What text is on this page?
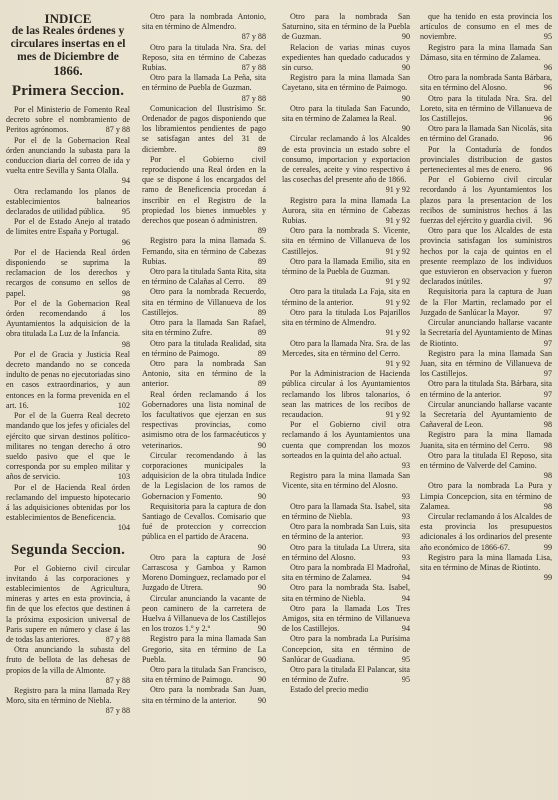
INDICE
de las Reales órdenes y
circulares insertas en el
mes de Diciembre de
1866.
Primera Seccion.

Por el Ministerio de Fomento Real decreto sobre el nombramiento de Peritos agrónomos.	87 y 88

Por el de la Gobernacion Real órden anunciando la subasta para la conduccion diaria del correo de ida y vuelta entre Sevilla y Santa Olalla.
94

Otra reclamando los planos de establecimientos balnearios declarados de utilidad pública.	95

Por el de Estado Anejo al tratado de limites entre España y Portugal.
96

Por el de Hacienda Real órden disponiendo se suprima la reclamacion de los derechos y recargos de consumo en sellos de papel.	98

Por el de la Gobernacion Real órden recomendando á los Ayuntamientos la adquisicion de la obra titulada La Luz de la Infancia.
98

Por el de Gracia y Justicia Real decreto mandando no se conceda indulto de penas no ejecutoriadas sino en casos extraordinarios, y aun entonces en la forma prevenida en el art. 16.	102

Por el de la Guerra Real decreto mandando que los jefes y oficiales del ejército que sirvan destinos político-militares no tengan derecho á otro sueldo pasivo que el que le corresponda por su empleo militar y años de servicio.	103

Por el de Hacienda Real órden reclamando del impuesto hipotecario á las adquisiciones obtenidas por los establecimientos de Beneficencia.
104

Segunda Seccion.

Por el Gobierno civil circular invitando á las corporaciones y establecimientos de Agricultura, mineras y artes en esta provincia, á fin de que los efectos que destinen á la próxima exposicion universal de Paris supere en número y clase á las de todas las anteriores.	87 y 88

Otra anunciando la subasta del fruto de bellota de las dehesas de propios de la villa de Almonte.
87 y 88

Registro para la mina llamada Rey Moro, sita en término de Niebla.
87 y 88

Otro para la nombrada Antonio, sita en término de Almendro.
87 y 88

Otro para la titulada Nra. Sra. del Reposo, sita en término de Cabezas Rubias.	87 y 88

Otro para la llamada La Peña, sita en término de Puebla de Guzman.
87 y 88

Comunicacion del Ilustrísimo Sr. Ordenador de pagos disponiendo que los libramientos pendientes de pago se satisfagan antes del 31 de diciembre.	89

Por el Gobierno civil reproduciendo una Real órden en la que se dispone á los encargados del ramo de Beneficencia procedan á inscribir en el Registro de la propiedad los bienes inmuebles y derechos que posean ó administren.
89

Registro para la mina llamada S. Fernando, sita en término de Cabezas Rubias.	89

Otro para la titulada Santa Rita, sita en término de Calañas al Cerro.	89

Otro para la nombrada Recuerdo, sita en término de Villanueva de los Castillejos.	89

Otro para la llamada San Rafael, sita en término Zufre.	89

Otro para la titulada Realidad, sita en término de Paimogo.	89

Otro para la nombrada San Antonio, sita en término de la anterior.	89

Real órden reclamando á los Gobernadores una lista nominal de los facultativos que ejerzan en sus respectivas provincias, como asimismo otra de los farmacéuticos y veterinarios.	90

Circular recomendando á las corporaciones municipales la adquisicion de la obra titulada Indice de la Legislacion de los ramos de Gobernacion y Fomento.	90

Requisitoria para la captura de don Santiago de Cevallos. Comisario que fué de proteccion y correccion pública en el partido de Aracena.
90

Otro para la captura de José Carrascosa y Gamboa y Ramon Moreno Dominguez, reclamado por el Juzgado de Utrera.	90

Circular anunciando la vacante de peon caminero de la carretera de Huelva á Villanueva de los Castillejos en los trozos 1.º y 2.º	90

Registro para la mina llamada San Gregorio, sita en término de La Puebla.	90

Otro para la titulada San Francisco, sita en término de Paimogo.	90

Otro para la nombrada San Juan, sita en término de la anterior.	90

Otro para la nombrada San Saturnino, sita en término de la Puebla de Guzman.	90

Relacion de varias minas cuyos expedientes han quedado caducados y sin curso.	90

Registro para la mina llamada San Cayetano, sita en término de Paimogo.
90

Otro para la titulada San Facundo, sita en término de Zalamea la Real.
90

Circular reclamando á los Alcaldes de esta provincia un estado sobre el consumo, importacion y exportacion de cereales, aceite y vino respectivo á las cosechas del presente año de 1866.
91 y 92

Registro para la mina llamada La Aurora, sita en término de Cabezas Rubias.	91 y 92

Otro para la nombrada S. Vicente, sita en término de Villanueva de los Castillejos.	91 y 92

Otro para la llamada Emilio, sita en término de la Puebla de Guzman.
91 y 92

Otro para la titulada La Faja, sita en término de la anterior.	91 y 92

Otro para la titulada Los Pajarillos sita en término de Almendro.
91 y 92

Otro para la llamada Nra. Sra. de las Mercedes, sita en término del Cerro.
91 y 92

Por la Administracion de Hacienda pública circular á los Ayuntamientos reclamando los libros talonarios, ó sean las matrices de los recibos de recaudacion.	91 y 92

Por el Gobierno civil otra reclamando á los Ayuntamientos una cuenta que comprendan los mozos sorteados en la quinta del año actual.
93

Registro para la mina llamada San Vicente, sita en término del Alosno.
93

Otro para la llamada Sta. Isabel, sita en término de Niebla.	93

Otro para la nombrada San Luis, sita en término de la anterior.	93

Otro para la titulada La Utrera, sita en término del Alosno.	93

Otro para la nombrada El Madroñal, sita en término de Zalamea.	94

Otro para la nombrada Sta. Isabel, sita en término de Niebla.	94

Otro para la llamada Los Tres Amigos, sita en término de Villanueva de los Castillejos.	94

Otro para la nombrada La Purísima Concepcion, sita en término de Sanlúcar de Guadiana.	95

Otro para la titulada El Palancar, sita en término de Zufre.	95

Estado del precio medio

que ha tenido en esta provincia los artículos de consumo en el mes de noviembre.	95

Registro para la mina llamada San Dámaso, sita en término de Zalamea.
96

Otro para la nombrada Santa Bárbara, sita en término del Alosno.	96

Otro para la titulada Nra. Sra. del Loreto, sita en término de Villanueva de los Castillejos.	96

Otro para la llamada San Nicolás, sita en término del Granado.	96

Por la Contaduría de fondos provinciales distribucion de gastos pertenecientes al mes de enero.	96

Por el Gobierno civil circular recordando á los Ayuntamientos los plazos para la presentacion de los recibos de suministros hechos á las fuerzas del ejército y guardia civil.	96

Otro para que los Alcaldes de esta provincia satisfagan los suministros hechos por la caja de quintos en el presente reemplazo de los individuos que estuvieron en observacion y fueron declarados inútiles.	97

Requisitoria para la captura de Juan de la Flor Martin, reclamado por el Juzgado de Sanlúcar la Mayor.	97

Circular anunciando hallarse vacante la Secretaría del Ayuntamiento de Minas de Riotinto.	97

Registro para la mina llamada San Juan, sita en término de Villanueva de los Castillejos.	97

Otro para la titulada Sta. Bárbara, sita en término de la anterior.	97

Circular anunciando hallarse vacante la Secretaría del Ayuntamiento de Cañaveral de Leon.	98

Registro para la mina llamada Juanita, sita en término del Cerro.	98

Otro para la titulada El Reposo, sita en término de Valverde del Camino.
98

Otro para la nombrada La Pura y Limpia Concepcion, sita en término de Zalamea.	98

Circular reclamando á los Alcaldes de esta provincia los presupuestos adicionales á los ordinarios del presente año económico de 1866-67.	99

Registro para la mina llamada Lisa, sita en término de Minas de Riotinto.
99
